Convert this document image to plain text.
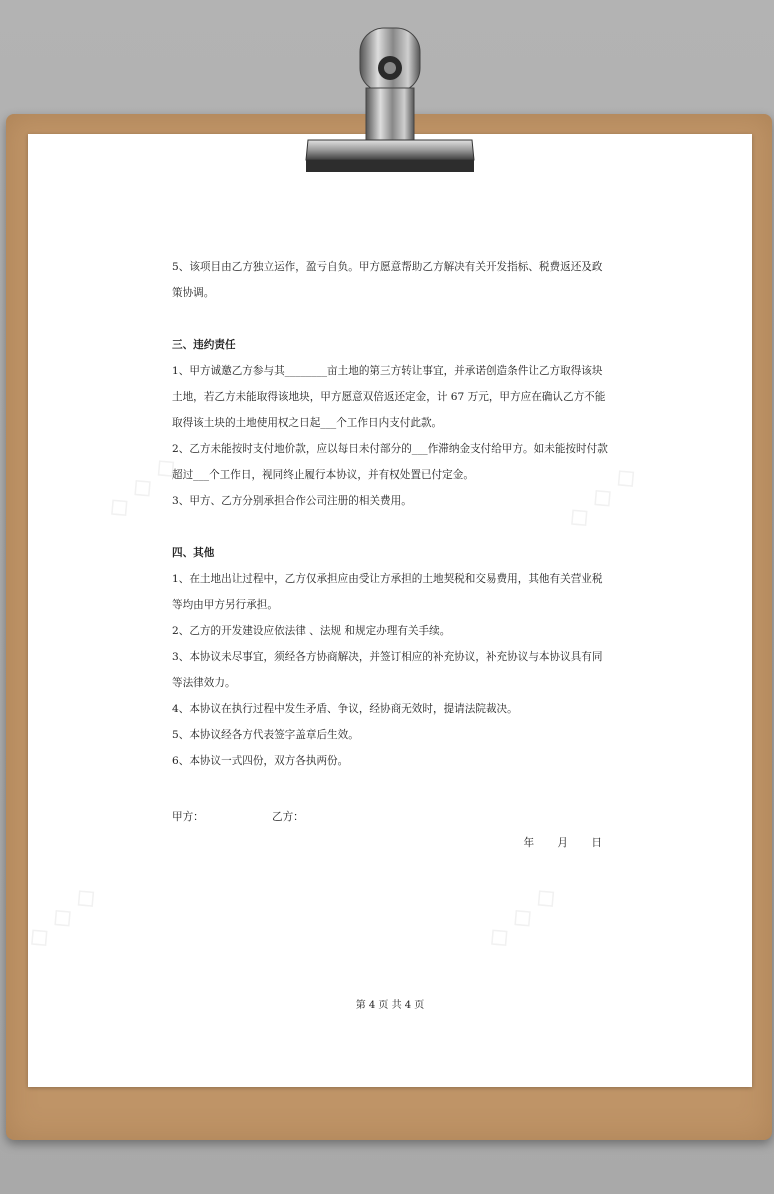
◇ ◇ ◇	◇ ◇ ◇
◇ ◇ ◇	◇ ◇ ◇

5、该项目由乙方独立运作，盈亏自负。甲方愿意帮助乙方解决有关开发指标、税费返还及政策协调。

三、违约责任

1、甲方诚邀乙方参与其________亩土地的第三方转让事宜，并承诺创造条件让乙方取得该块土地，若乙方未能取得该地块，甲方愿意双倍返还定金，计 67 万元，甲方应在确认乙方不能取得该土块的土地使用权之日起___个工作日内支付此款。

2、乙方未能按时支付地价款，应以每日未付部分的___作滞纳金支付给甲方。如未能按时付款超过___个工作日，视同终止履行本协议，并有权处置已付定金。

3、甲方、乙方分别承担合作公司注册的相关费用。

四、其他

1、在土地出让过程中，乙方仅承担应由受让方承担的土地契税和交易费用，其他有关营业税等均由甲方另行承担。

2、乙方的开发建设应依法律 、法规 和规定办理有关手续。

3、本协议未尽事宜，须经各方协商解决，并签订相应的补充协议，补充协议与本协议具有同等法律效力。

4、本协议在执行过程中发生矛盾、争议，经协商无效时，提请法院裁决。

5、本协议经各方代表签字盖章后生效。

6、本协议一式四份，双方各执两份。

甲方：	乙方：

年 月 日

第 4 页 共 4 页
